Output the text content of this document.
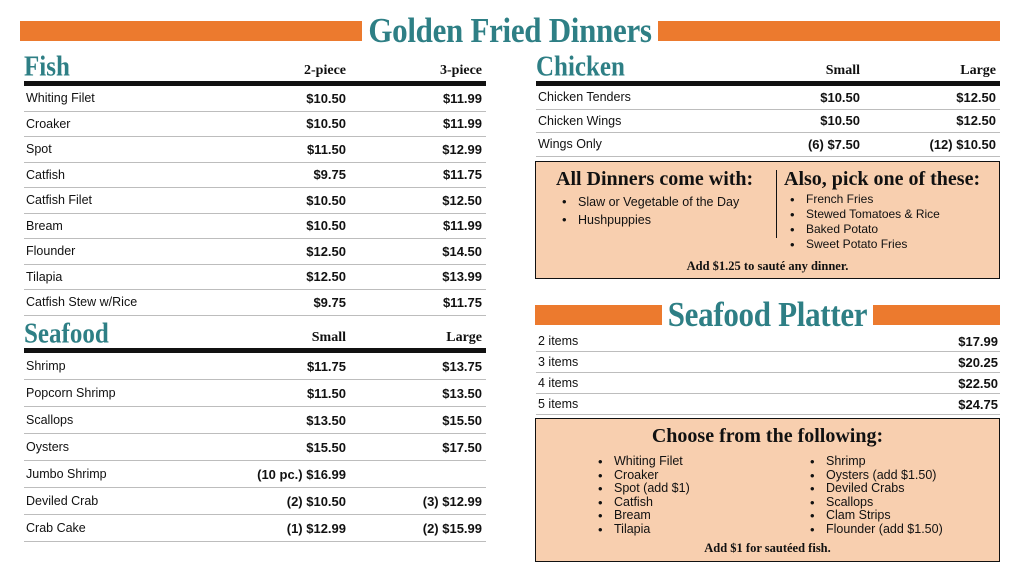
Golden Fried Dinners
Fish	2-piece	3-piece
Whiting Filet	$10.50	$11.99
Croaker	$10.50	$11.99
Spot	$11.50	$12.99
Catfish	$9.75	$11.75
Catfish Filet	$10.50	$12.50
Bream	$10.50	$11.99
Flounder	$12.50	$14.50
Tilapia	$12.50	$13.99
Catfish Stew w/Rice	$9.75	$11.75
Seafood	Small	Large
Shrimp	$11.75	$13.75
Popcorn Shrimp	$11.50	$13.50
Scallops	$13.50	$15.50
Oysters	$15.50	$17.50
Jumbo Shrimp	(10 pc.) $16.99
Deviled Crab	(2) $10.50	(3) $12.99
Crab Cake	(1) $12.99	(2) $15.99
Chicken	Small	Large
Chicken Tenders	$10.50	$12.50
Chicken Wings	$10.50	$12.50
Wings Only	(6) $7.50	(12) $10.50
All Dinners come with:
• Slaw or Vegetable of the Day
• Hushpuppies
Also, pick one of these:
• French Fries
• Stewed Tomatoes & Rice
• Baked Potato
• Sweet Potato Fries
Add $1.25 to sauté any dinner.
Seafood Platter
2 items	$17.99
3 items	$20.25
4 items	$22.50
5 items	$24.75
Choose from the following:
• Whiting Filet
• Croaker
• Spot (add $1)
• Catfish
• Bream
• Tilapia
• Shrimp
• Oysters (add $1.50)
• Deviled Crabs
• Scallops
• Clam Strips
• Flounder (add $1.50)
Add $1 for sautéed fish.
